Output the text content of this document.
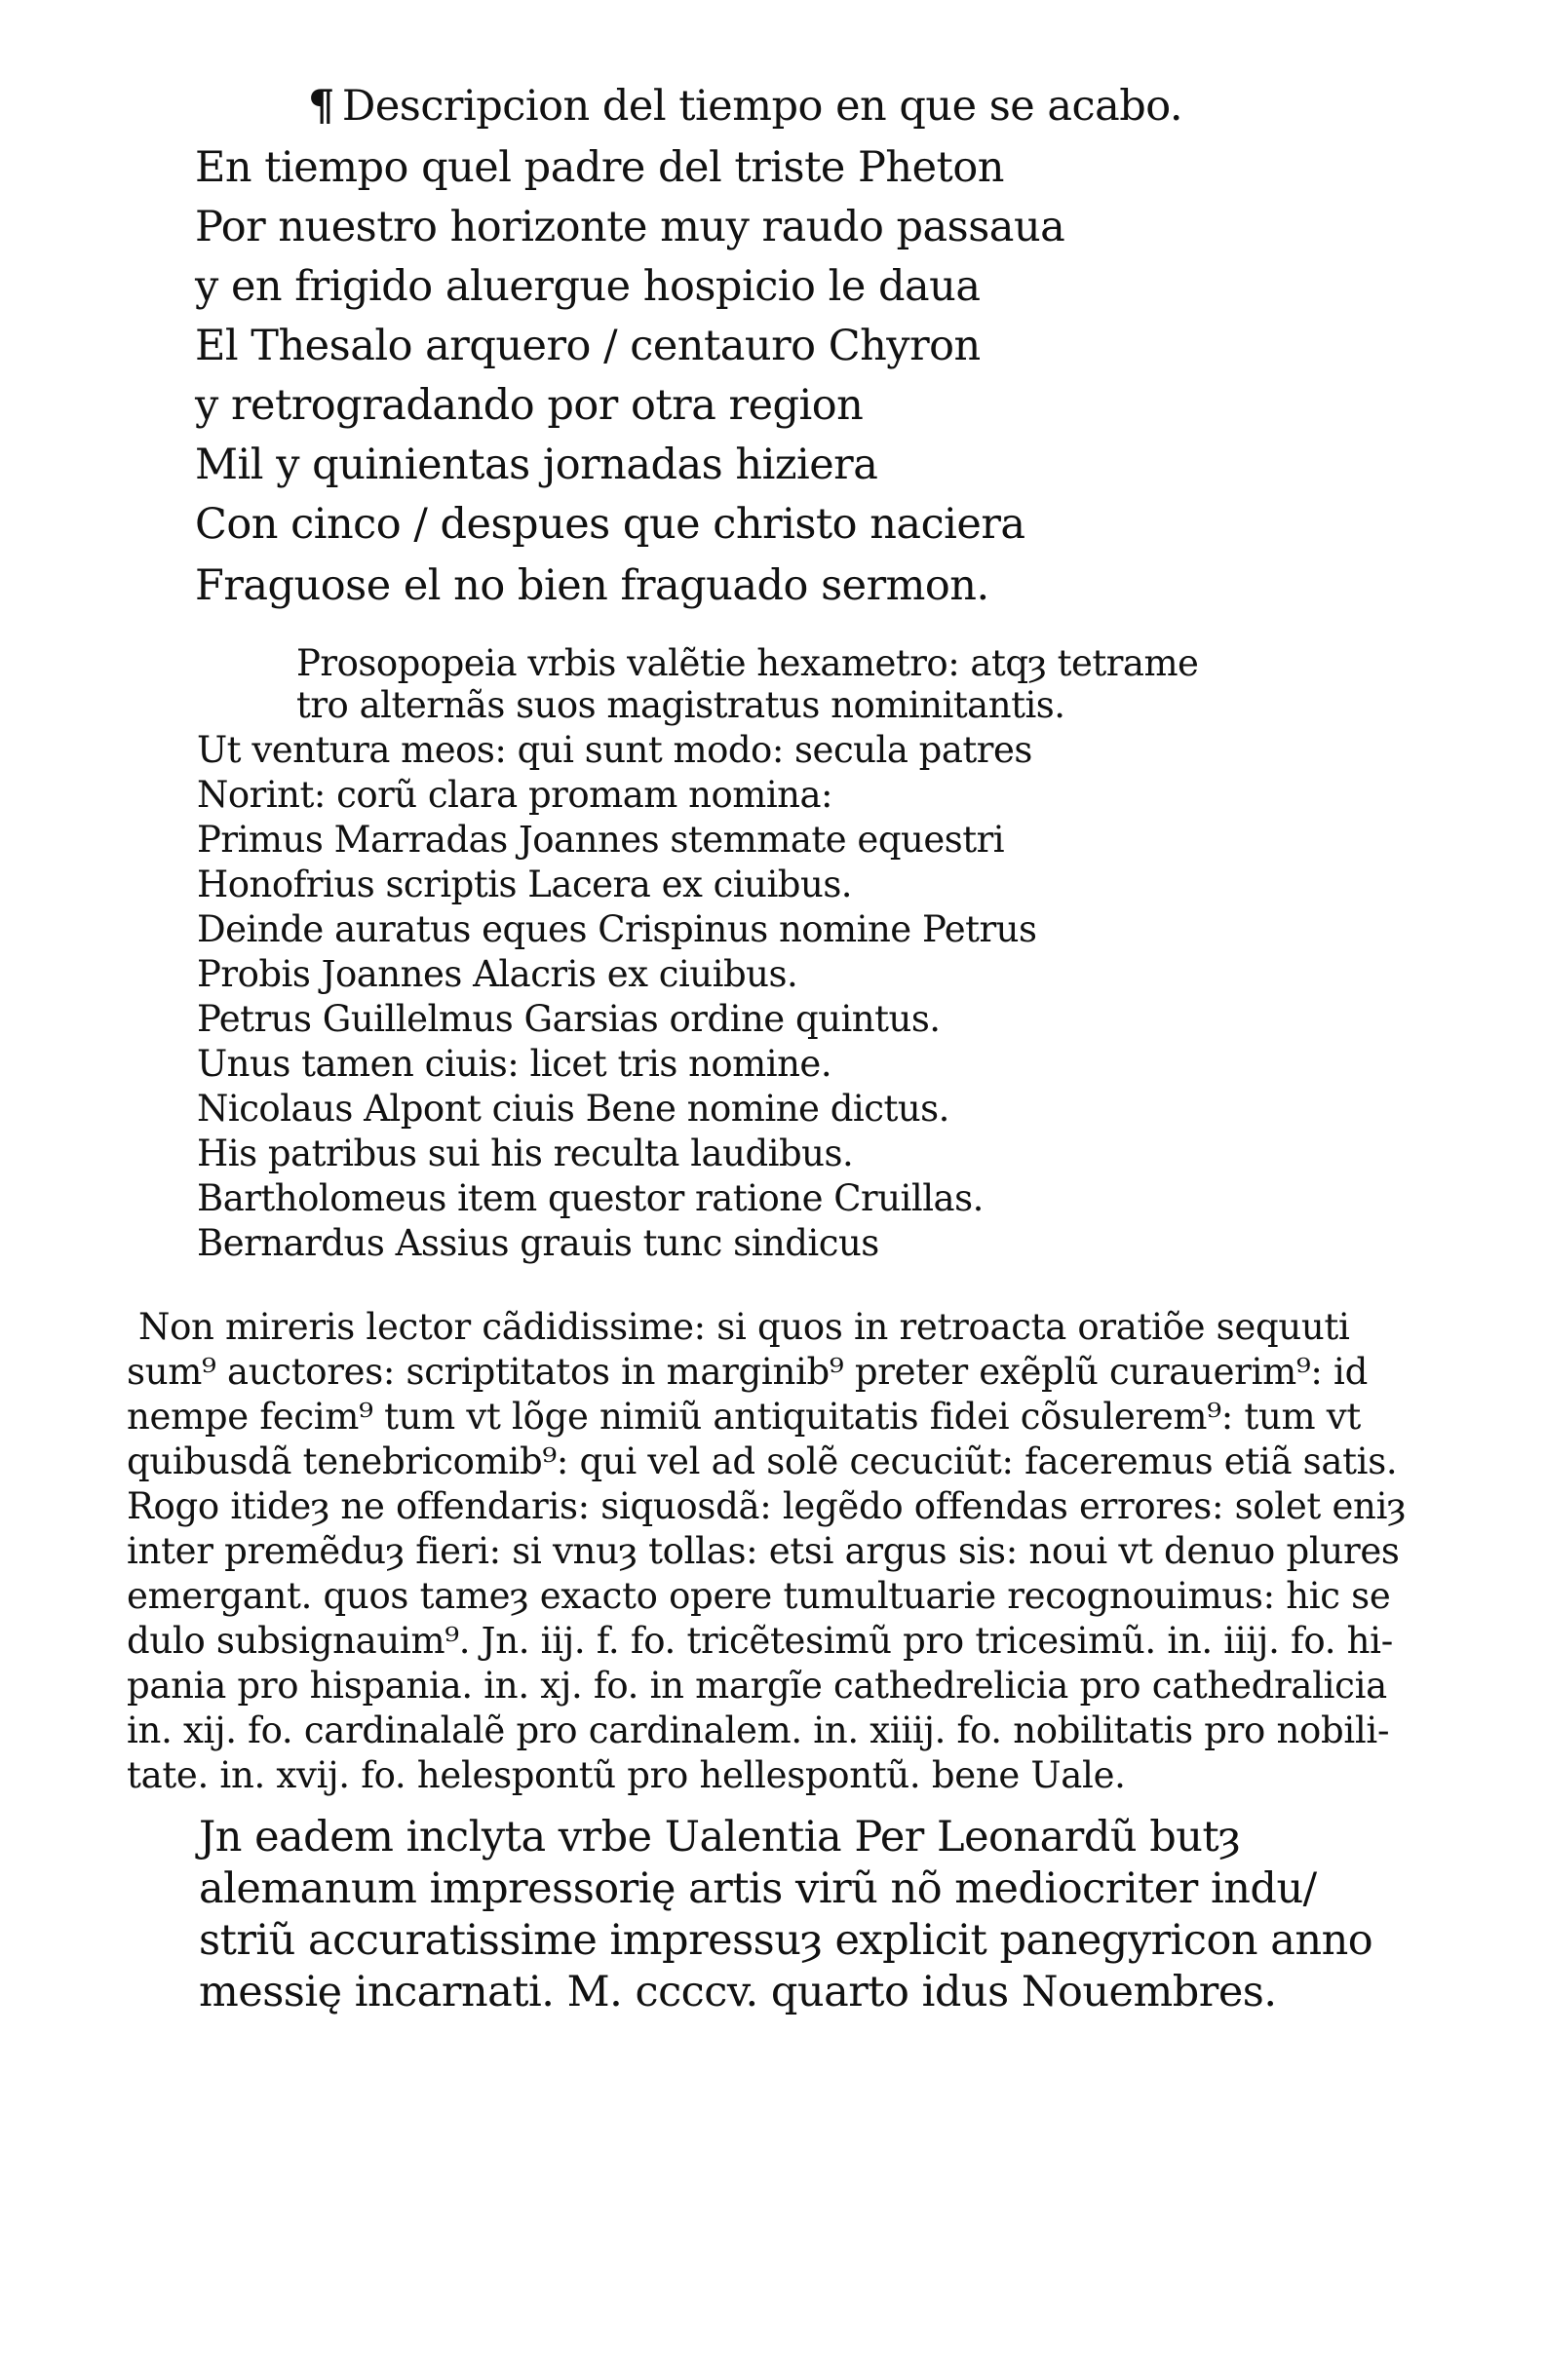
¶ Descripcion del tiempo en que se acabo.
En tiempo quel padre del triste Pheton
Por nuestro horizonte muy raudo passaua
y en frigido aluergue hospicio le daua
El Thesalo arquero / centauro Chyron
y retrogradando por otra region
Mil y quinientas jornadas hiziera
Con cinco / despues que christo naciera
Fraguose el no bien fraguado sermon.
Prosopopeia vrbis valẽtie hexametro: atqȝ tetrame
tro alternãs suos magistratus nominitantis.
Ut ventura meos: qui sunt modo: secula patres
Norint: corũ clara promam nomina:
Primus Marradas Joannes stemmate equestri
Honofrius scriptis Lacera ex ciuibus.
Deinde auratus eques Crispinus nomine Petrus
Probis Joannes Alacris ex ciuibus.
Petrus Guillelmus Garsias ordine quintus.
Unus tamen ciuis: licet tris nomine.
Nicolaus Alpont ciuis Bene nomine dictus.
His patribus sui his reculta laudibus.
Bartholomeus item questor ratione Cruillas.
Bernardus Assius grauis tunc sindicus
Non mireris lector cãdidissime: si quos in retroacta oratiõe sequuti
sum⁹ auctores: scriptitatos in marginib⁹ preter exẽplũ curauerim⁹: id
nempe fecim⁹ tum vt lõge nimiũ antiquitatis fidei cõsulerem⁹: tum vt
quibusdã tenebricomib⁹: qui vel ad solẽ cecuciũt: faceremus etiã satis.
Rogo itideȝ ne offendaris: siquosdã: legẽdo offendas errores: solet eniȝ
inter premẽduȝ fieri: si vnuȝ tollas: etsi argus sis: noui vt denuo plures
emergant. quos tameȝ exacto opere tumultuarie recognouimus: hic se
dulo subsignauim⁹. Jn. iij. f. fo. tricẽtesimũ pro tricesimũ. in. iiij. fo. hi-
pania pro hispania. in. xj. fo. in margĩe cathedrelicia pro cathedralicia
in. xij. fo. cardinalalẽ pro cardinalem. in. xiiij. fo. nobilitatis pro nobili-
tate. in. xvij. fo. helespontũ pro hellespontũ. bene Uale.
Jn eadem inclyta vrbe Ualentia Per Leonardũ butȝ
alemanum impressorię artis virũ nõ mediocriter indu/
striũ accuratissime impressuȝ explicit panegyricon anno
messię incarnati. M. ccccv. quarto idus Nouembres.
